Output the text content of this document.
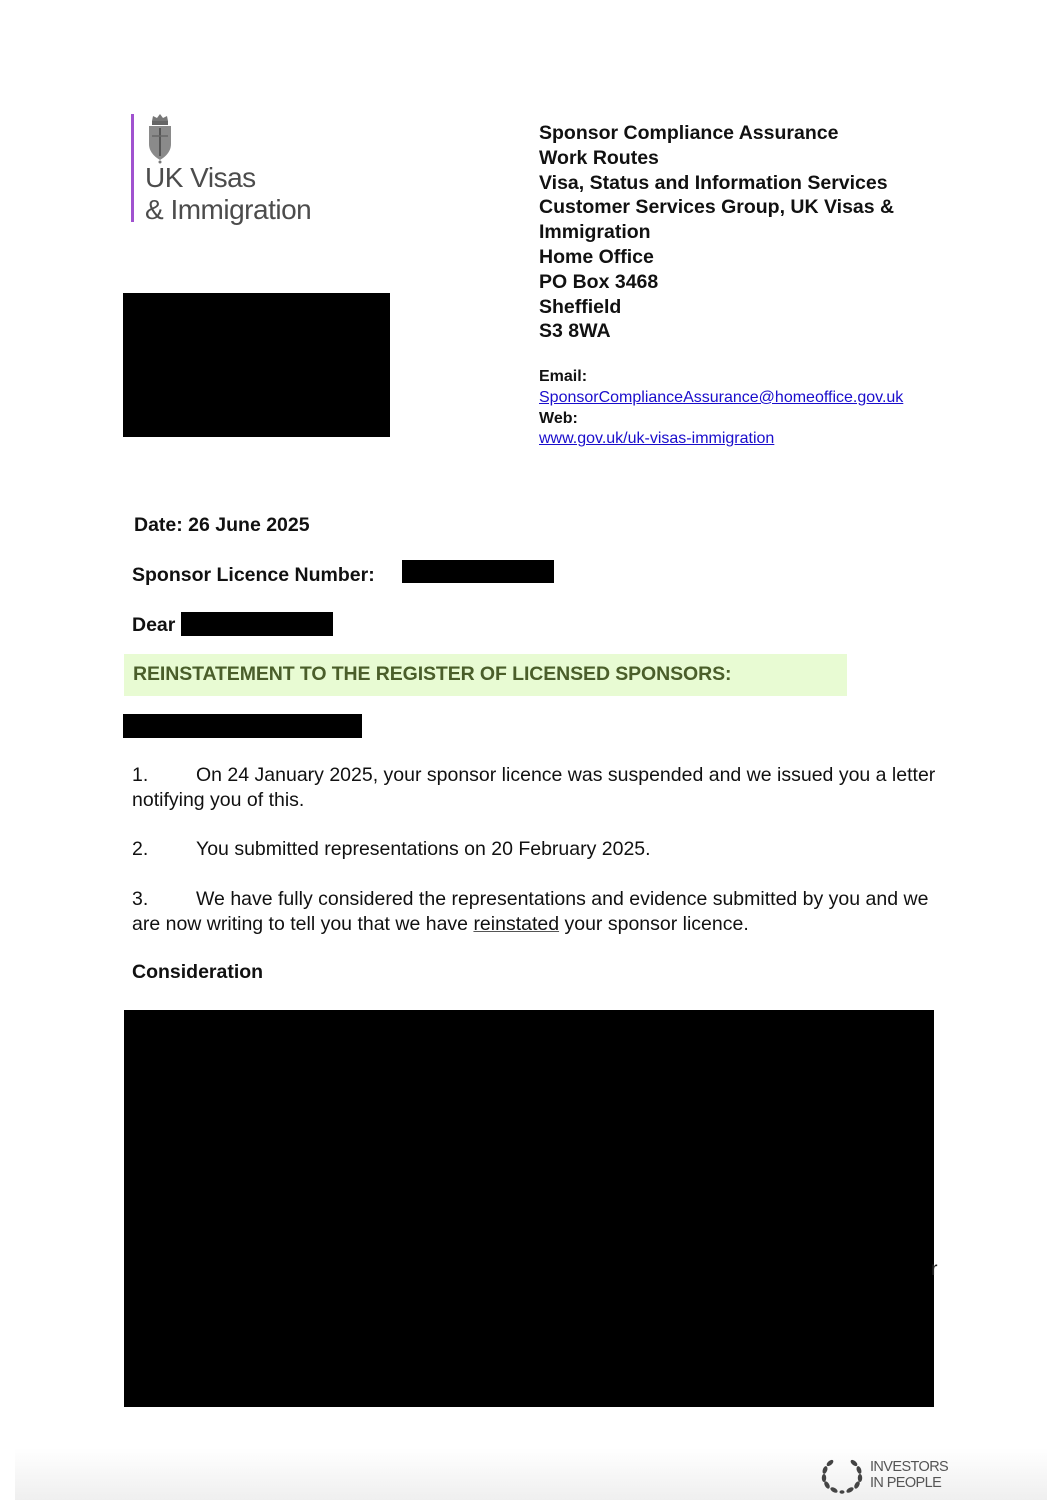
UK Visas
& Immigration
Sponsor Compliance Assurance
Work Routes
Visa, Status and Information Services
Customer Services Group, UK Visas &
Immigration
Home Office
PO Box 3468
Sheffield
S3 8WA
Email:
SponsorComplianceAssurance@homeoffice.gov.uk
Web:
www.gov.uk/uk-visas-immigration
Date: 26 June 2025
Sponsor Licence Number:
Dear
REINSTATEMENT TO THE REGISTER OF LICENSED SPONSORS:
1. On 24 January 2025, your sponsor licence was suspended and we issued you a letter notifying you of this.
2. You submitted representations on 20 February 2025.
3. We have fully considered the representations and evidence submitted by you and we are now writing to tell you that we have reinstated your sponsor licence.
Consideration
r
INVESTORS
IN PEOPLE
